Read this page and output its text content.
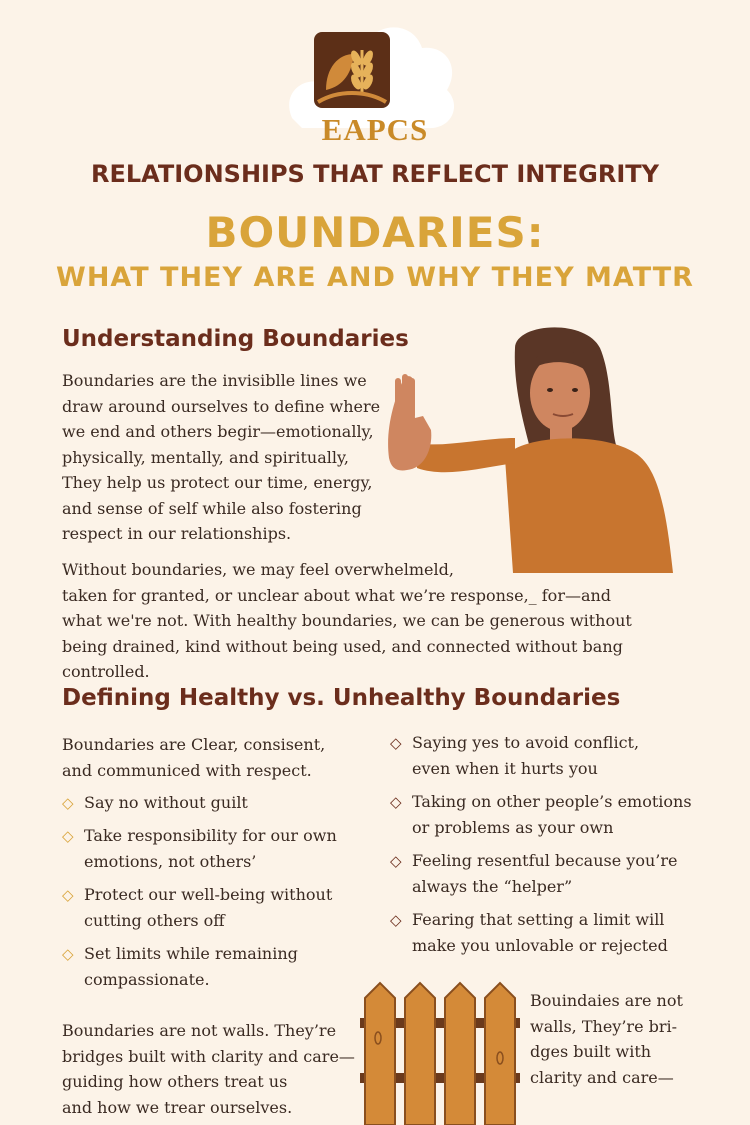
EAPCS
RELATIONSHIPS THAT REFLECT INTEGRITY
BOUNDARIES:
WHAT THEY ARE AND WHY THEY MATTR
Understanding Boundaries
Boundaries are the invisiblle lines we
draw around ourselves to define where
we end and others begir—emotionally,
physically, mentally, and spiritually,
They help us protect our time, energy,
and sense of self while also fostering
respect in our relationships.
Without boundaries, we may feel overwhelmeld,
taken for granted, or unclear about what we’re response,_ for—and
what we're not. With healthy boundaries, we can be generous without
being drained, kind without being used, and connected without bang controlled.
Defining Healthy vs. Unhealthy Boundaries
Boundaries are Clear, consisent,
and communiced with respect.
◇ Say no without guilt
◇ Take responsibility for our own
emotions, not others’
◇ Protect our well-being without
cutting others off
◇ Set limits while remaining
compassionate.
◇ Saying yes to avoid conflict,
even when it hurts you
◇ Taking on other people’s emotions
or problems as your own
◇ Feeling resentful because you’re
always the “helper”
◇ Fearing that setting a limit will
make you unlovable or rejected
Boundaries are not walls. They’re
bridges built with clarity and care—
guiding how others treat us
and how we trear ourselves.
Bouindaies are not
walls, They’re bri-
dges built with
clarity and care—
